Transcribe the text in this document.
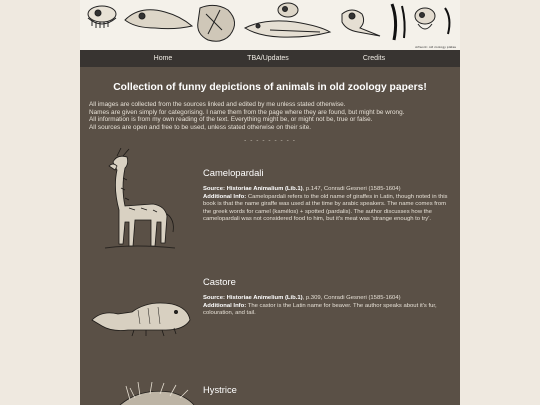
Artwork: old zoology plates
Home	TBA/Updates	Credits
Collection of funny depictions of animals in old zoology papers!
All images are collected from the sources linked and edited by me unless stated otherwise.
Names are given simply for categorising. I name them from the page where they are found, but might be wrong.
All information is from my own reading of the text. Everything might be, or might not be, true or false.
All sources are open and free to be used, unless stated otherwise on their site.
- - - - - - - - -
Camelopardali
Source: Historiae Animalium (Lib.1), p.147, Conradi Gesneri (1585-1604)
Additional Info: Camelopardali refers to the old name of giraffes in Latin, though noted in this book is that the name giraffe was used at the time by arabic speakers. The name comes from the greek words for camel (kamélos) + spotted (pardalis). The author discusses how the camelopardali was not considered food to him, but it's meat was 'strange enough to try'.
Castore
Source: Historiae Animelium (Lib.1), p.309, Conradi Gesneri (1585-1604)
Additional Info: The castor is the Latin name for beaver. The author speaks about it's fur, colouration, and tail.
Hystrice
